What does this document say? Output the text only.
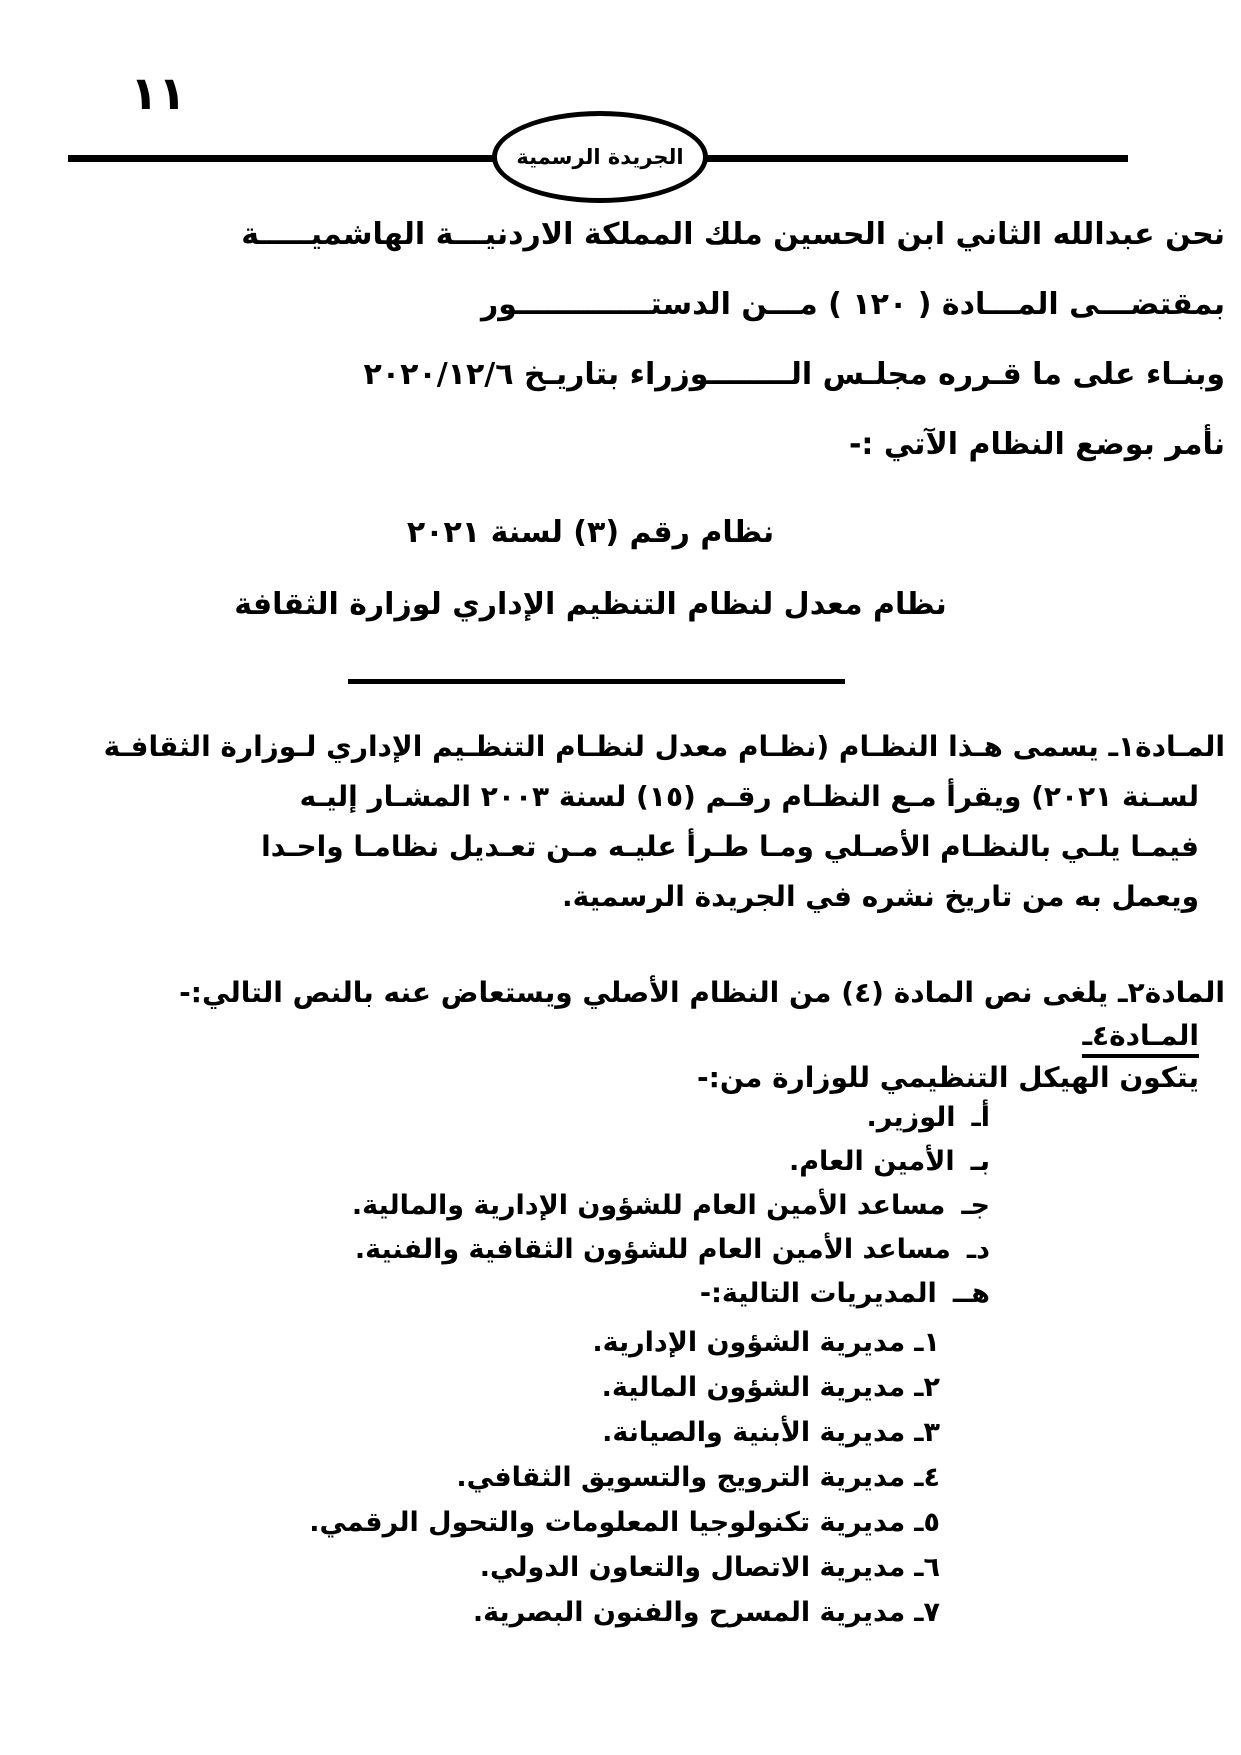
١١
الجريدة الرسمية
نحن عبدالله الثاني ابن الحسين ملك المملكة الاردنيـــة الهاشميـــــة
بمقتضـــى المـــادة ( ١٢٠ ) مـــن الدستـــــــــــــور
وبنـاء على ما قـرره مجلـس الــــــــوزراء بتاريـخ ٢٠٢٠/١٢/٦
نأمر بوضع النظام الآتي :-
نظام رقم (٣) لسنة ٢٠٢١
نظام معدل لنظام التنظيم الإداري لوزارة الثقافة
المـادة١ـ يسمى هـذا النظـام (نظـام معدل لنظـام التنظـيم الإداري لـوزارة الثقافـة
لسـنة ٢٠٢١) ويقرأ مـع النظـام رقـم (١٥) لسنة ٢٠٠٣ المشـار إليـه
فيمـا يلـي بالنظـام الأصـلي ومـا طـرأ عليـه مـن تعـديل نظامـا واحـدا
ويعمل به من تاريخ نشره في الجريدة الرسمية.
المادة٢ـ يلغى نص المادة (٤) من النظام الأصلي ويستعاض عنه بالنص التالي:-
المـادة٤ـ
يتكون الهيكل التنظيمي للوزارة من:-
أـالوزير.
بـالأمين العام.
جـمساعد الأمين العام للشؤون الإدارية والمالية.
دـمساعد الأمين العام للشؤون الثقافية والفنية.
هــالمديريات التالية:-
١ـمديرية الشؤون الإدارية.
٢ـمديرية الشؤون المالية.
٣ـمديرية الأبنية والصيانة.
٤ـمديرية الترويج والتسويق الثقافي.
٥ـمديرية تكنولوجيا المعلومات والتحول الرقمي.
٦ـمديرية الاتصال والتعاون الدولي.
٧ـمديرية المسرح والفنون البصرية.
